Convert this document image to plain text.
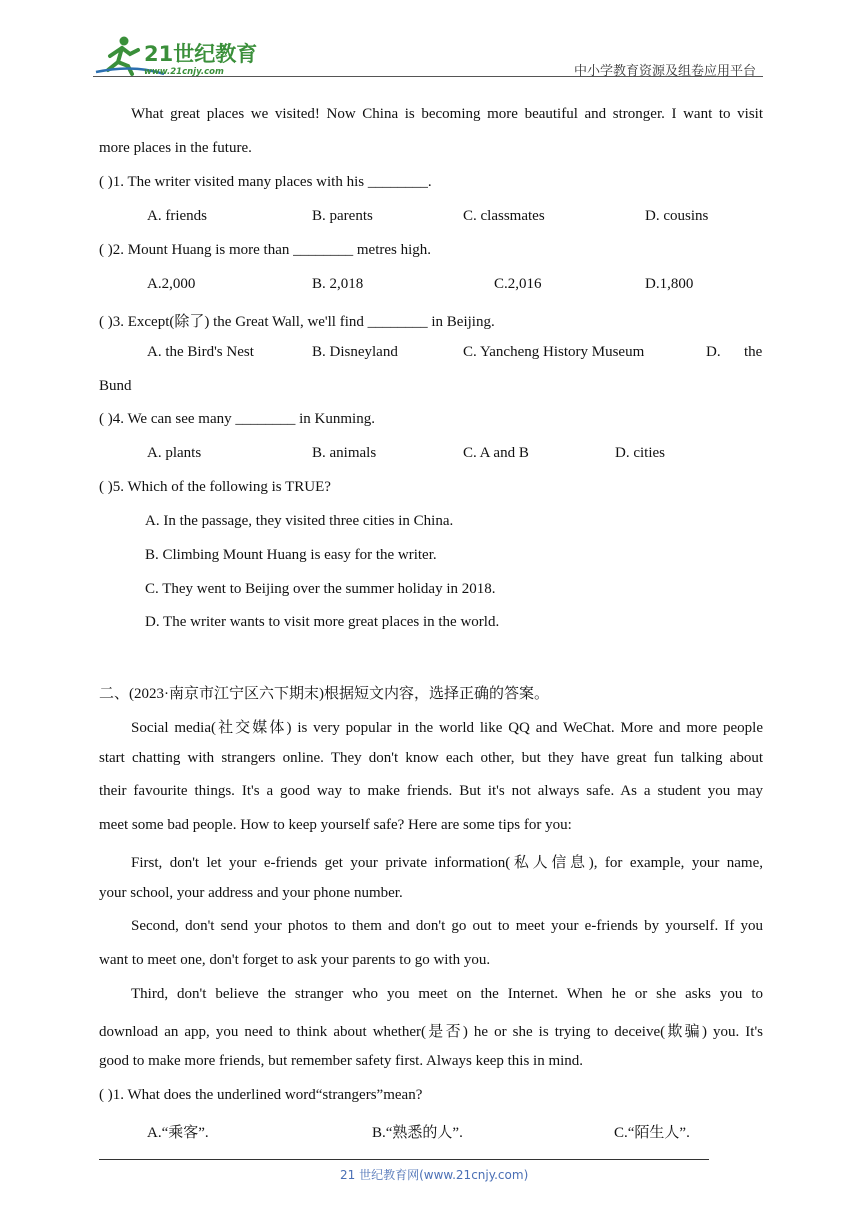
21世纪教育
www.21cnjy.com	中小学教育资源及组卷应用平台
What great places we visited! Now China is becoming more beautiful and stronger. I want to visit
more places in the future.
( )1. The writer visited many places with his ________.
A. friends	B. parents	C. classmates	D. cousins
( )2. Mount Huang is more than ________ metres high.
A.2,000	B. 2,018	C.2,016	D.1,800
( )3. Except(除了) the Great Wall, we'll find ________ in Beijing.
A. the Bird's Nest	B. Disneyland	C. Yancheng History Museum	D. the
Bund
( )4. We can see many ________ in Kunming.
A. plants	B. animals	C. A and B	D. cities
( )5. Which of the following is TRUE?
A. In the passage, they visited three cities in China.
B. Climbing Mount Huang is easy for the writer.
C. They went to Beijing over the summer holiday in 2018.
D. The writer wants to visit more great places in the world.
二、(2023·南京市江宁区六下期末)根据短文内容，选择正确的答案。
Social media(社交媒体) is very popular in the world like QQ and WeChat. More and more people
start chatting with strangers online. They don't know each other, but they have great fun talking about
their favourite things. It's a good way to make friends. But it's not always safe. As a student you may
meet some bad people. How to keep yourself safe? Here are some tips for you:
First, don't let your e-friends get your private information(私人信息), for example, your name,
your school, your address and your phone number.
Second, don't send your photos to them and don't go out to meet your e-friends by yourself. If you
want to meet one, don't forget to ask your parents to go with you.
Third, don't believe the stranger who you meet on the Internet. When he or she asks you to
download an app, you need to think about whether(是否) he or she is trying to deceive(欺骗) you. It's
good to make more friends, but remember safety first. Always keep this in mind.
( )1. What does the underlined word“strangers”mean?
A.“乘客”.	B.“熟悉的人”.	C.“陌生人”.
21 世纪教育网(www.21cnjy.com)
